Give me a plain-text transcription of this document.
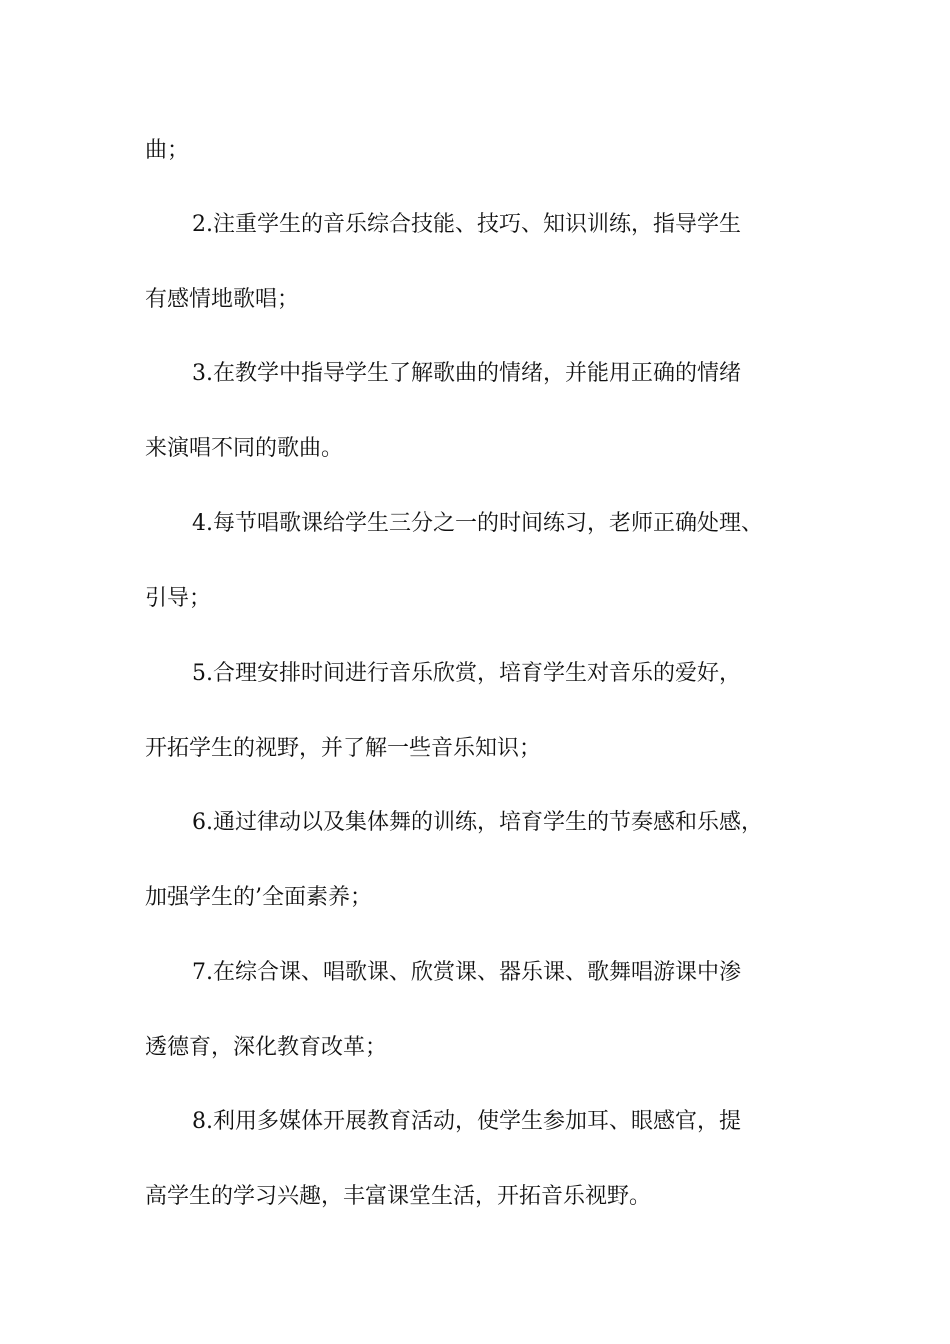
曲；
2.注重学生的音乐综合技能、技巧、知识训练，指导学生
有感情地歌唱；
3.在教学中指导学生了解歌曲的情绪，并能用正确的情绪
来演唱不同的歌曲。
4.每节唱歌课给学生三分之一的时间练习，老师正确处理、
引导；
5.合理安排时间进行音乐欣赏，培育学生对音乐的爱好，
开拓学生的视野，并了解一些音乐知识；
6.通过律动以及集体舞的训练，培育学生的节奏感和乐感，
加强学生的’全面素养；
7.在综合课、唱歌课、欣赏课、器乐课、歌舞唱游课中渗
透德育，深化教育改革；
8.利用多媒体开展教育活动，使学生参加耳、眼感官，提
高学生的学习兴趣，丰富课堂生活，开拓音乐视野。
